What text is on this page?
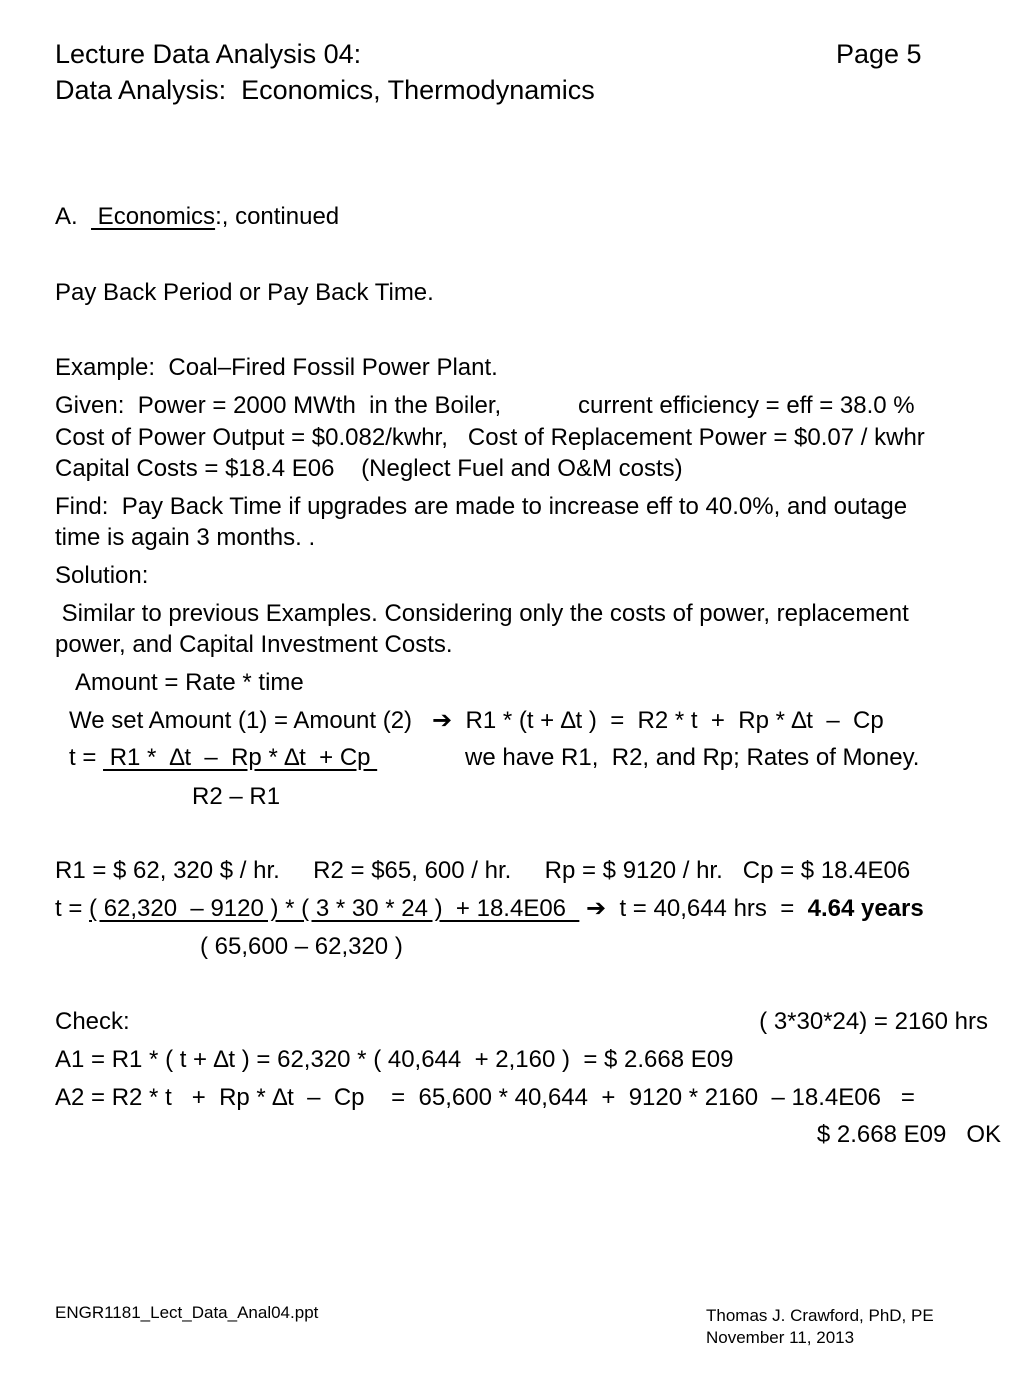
Lecture Data Analysis 04:	Page 5
Data Analysis:  Economics, Thermodynamics
A.   Economics:, continued
Pay Back Period or Pay Back Time.
Example:  Coal–Fired Fossil Power Plant.
Given:  Power = 2000 MWth  in the Boiler,	current efficiency = eff = 38.0 %
Cost of Power Output = $0.082/kwhr,   Cost of Replacement Power = $0.07 / kwhr
Capital Costs = $18.4 E06    (Neglect Fuel and O&M costs)
Find:  Pay Back Time if upgrades are made to increase eff to 40.0%, and outage
time is again 3 months. .
Solution:
Similar to previous Examples. Considering only the costs of power, replacement
power, and Capital Investment Costs.
Amount = Rate * time
We set Amount (1) = Amount (2)   ➔  R1 * (t + ∆t )  =  R2 * t  +  Rp * ∆t  –  Cp
t =  R1 *  ∆t  –  Rp * ∆t  + Cp	we have R1,  R2, and Rp; Rates of Money.
R2 – R1
R1 = $ 62, 320 $ / hr.     R2 = $65, 600 / hr.     Rp = $ 9120 / hr.   Cp = $ 18.4E06
t = ( 62,320  – 9120 ) * ( 3 * 30 * 24 )  + 18.4E06   ➔  t = 40,644 hrs  =  4.64 years
( 65,600 – 62,320 )
Check:	( 3*30*24) = 2160 hrs
A1 = R1 * ( t + ∆t ) = 62,320 * ( 40,644  + 2,160 )  = $ 2.668 E09
A2 = R2 * t   +  Rp * ∆t  –  Cp    =  65,600 * 40,644  +  9120 * 2160  – 18.4E06   =
$ 2.668 E09   OK
ENGR1181_Lect_Data_Anal04.ppt	Thomas J. Crawford, PhD, PE
November 11, 2013
